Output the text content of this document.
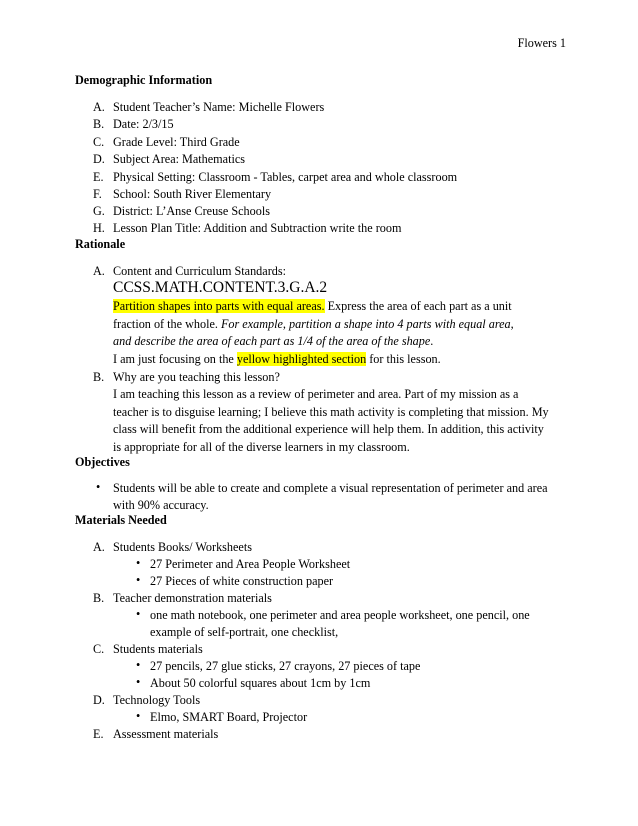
Flowers 1
Demographic Information
A. Student Teacher’s Name: Michelle Flowers
B. Date: 2/3/15
C. Grade Level: Third Grade
D. Subject Area: Mathematics
E. Physical Setting: Classroom - Tables, carpet area and whole classroom
F. School: South River Elementary
G. District: L’Anse Creuse Schools
H. Lesson Plan Title: Addition and Subtraction write the room
Rationale
A. Content and Curriculum Standards:
CCSS.MATH.CONTENT.3.G.A.2
Partition shapes into parts with equal areas. Express the area of each part as a unit
fraction of the whole. For example, partition a shape into 4 parts with equal area,
and describe the area of each part as 1/4 of the area of the shape.
I am just focusing on the yellow highlighted section for this lesson.
B. Why are you teaching this lesson?
I am teaching this lesson as a review of perimeter and area. Part of my mission as a
teacher is to disguise learning; I believe this math activity is completing that mission. My
class will benefit from the additional experience will help them. In addition, this activity
is appropriate for all of the diverse learners in my classroom.
Objectives
• Students will be able to create and complete a visual representation of perimeter and area
with 90% accuracy.
Materials Needed
A. Students Books/ Worksheets
• 27 Perimeter and Area People Worksheet
• 27 Pieces of white construction paper
B. Teacher demonstration materials
• one math notebook, one perimeter and area people worksheet, one pencil, one
example of self-portrait, one checklist,
C. Students materials
• 27 pencils, 27 glue sticks, 27 crayons, 27 pieces of tape
• About 50 colorful squares about 1cm by 1cm
D. Technology Tools
• Elmo, SMART Board, Projector
E. Assessment materials
